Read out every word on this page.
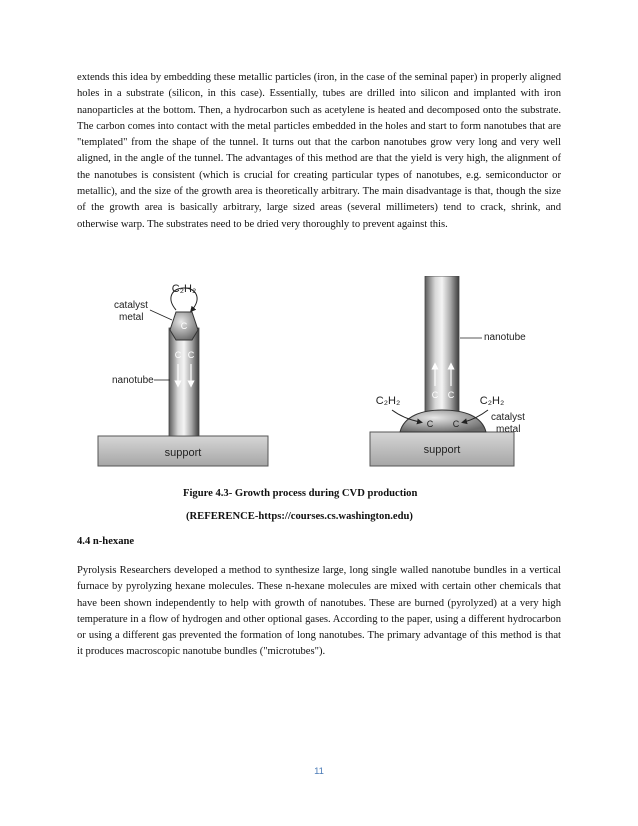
extends this idea by embedding these metallic particles (iron, in the case of the seminal paper) in properly aligned holes in a substrate (silicon, in this case). Essentially, tubes are drilled into silicon and implanted with iron nanoparticles at the bottom. Then, a hydrocarbon such as acetylene is heated and decomposed onto the substrate. The carbon comes into contact with the metal particles embedded in the holes and start to form nanotubes that are "templated" from the shape of the tunnel. It turns out that the carbon nanotubes grow very long and very well aligned, in the angle of the tunnel. The advantages of this method are that the yield is very high, the alignment of the nanotubes is consistent (which is crucial for creating particular types of nanotubes, e.g. semiconductor or metallic), and the size of the growth area is theoretically arbitrary. The main disadvantage is that, though the size of the growth area is basically arbitrary, large sized areas (several millimeters) tend to crack, shrink, and otherwise warp. The substrates need to be dried very thoroughly to prevent against this.

support
C₂H₂
C
C C
catalyst
metal
nanotube
support
C C
C C
C₂H₂	C₂H₂
nanotube
catalyst
metal

Figure 4.3- Growth process during CVD production

(REFERENCE-https://courses.cs.washington.edu)

4.4 n-hexane

Pyrolysis Researchers developed a method to synthesize large, long single walled nanotube bundles in a vertical furnace by pyrolyzing hexane molecules. These n-hexane molecules are mixed with certain other chemicals that have been shown independently to help with growth of nanotubes. These are burned (pyrolyzed) at a very high temperature in a flow of hydrogen and other optional gases. According to the paper, using a different hydrocarbon or using a different gas prevented the formation of long nanotubes. The primary advantage of this method is that it produces macroscopic nanotube bundles ("microtubes").

11
